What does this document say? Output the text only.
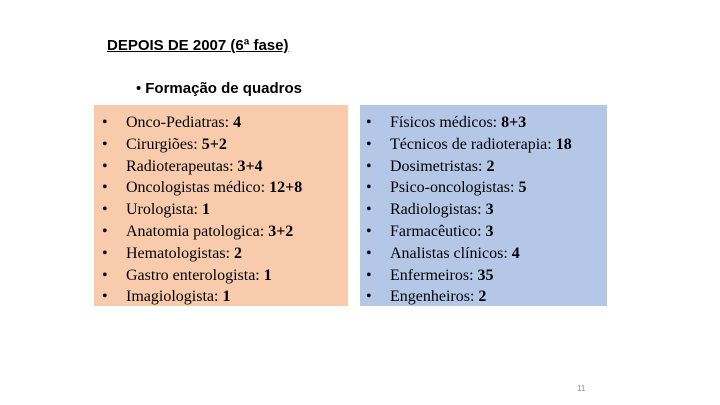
DEPOIS DE 2007 (6ª fase)
• Formação de quadros
• Onco-Pediatras: 4
• Cirurgiões: 5+2
• Radioterapeutas: 3+4
• Oncologistas médico: 12+8
• Urologista: 1
• Anatomia patologica: 3+2
• Hematologistas: 2
• Gastro enterologista: 1
• Imagiologista: 1
• Físicos médicos: 8+3
• Técnicos de radioterapia: 18
• Dosimetristas: 2
• Psico-oncologistas: 5
• Radiologistas: 3
• Farmacêutico: 3
• Analistas clínicos: 4
• Enfermeiros: 35
• Engenheiros: 2
11
